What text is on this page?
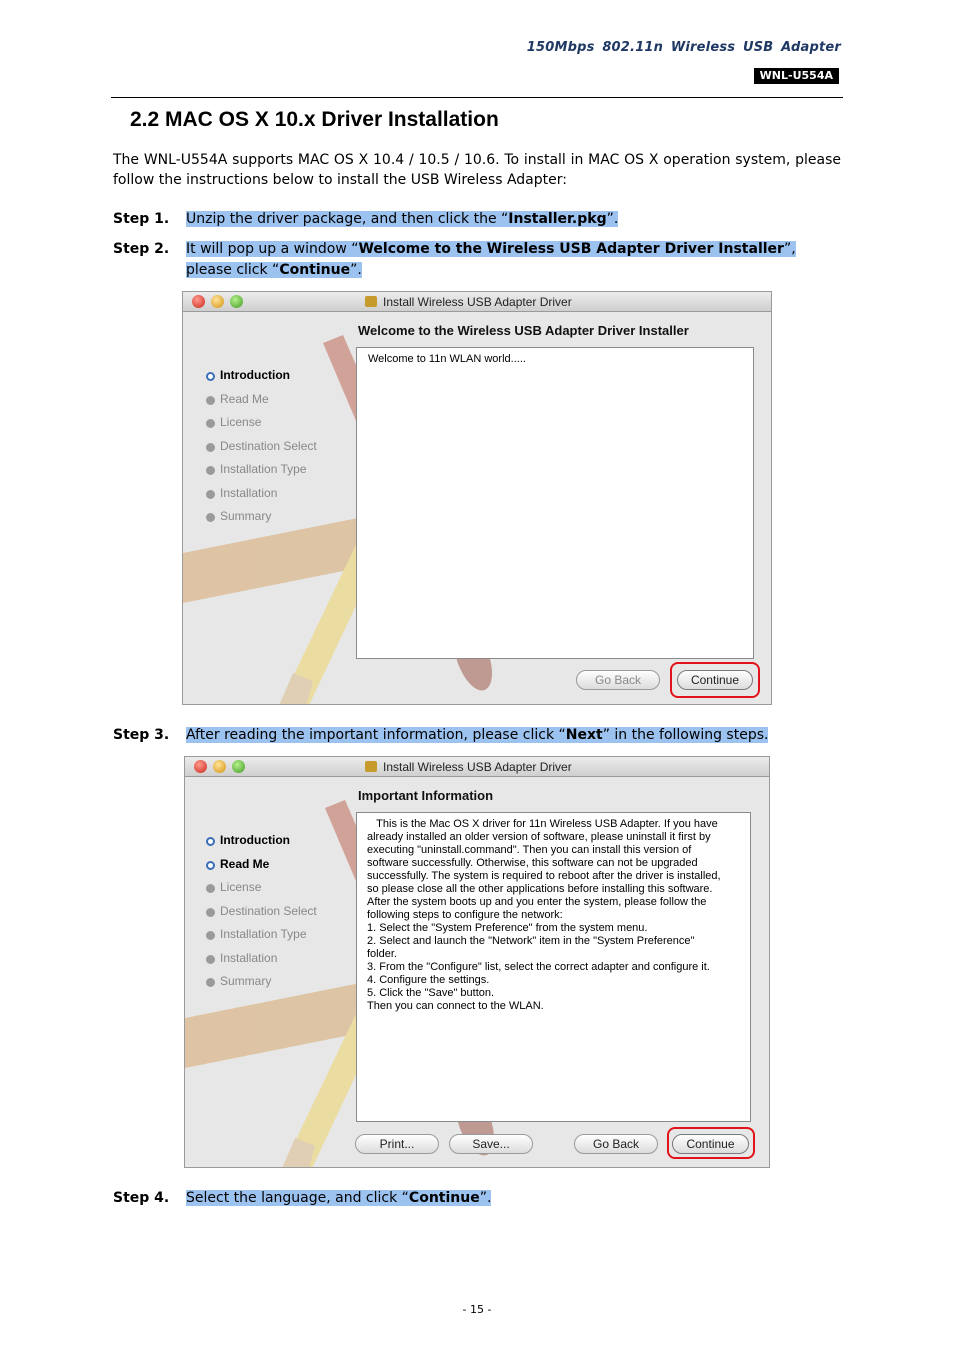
150Mbps 802.11n Wireless USB Adapter
WNL-U554A
2.2 MAC OS X 10.x Driver Installation

The WNL-U554A supports MAC OS X 10.4 / 10.5 / 10.6. To install in MAC OS X operation system, please follow the instructions below to install the USB Wireless Adapter:

Step 1. Unzip the driver package, and then click the “Installer.pkg”.
Step 2. It will pop up a window “Welcome to the Wireless USB Adapter Driver Installer”, please click “Continue”.
Install Wireless USB Adapter Driver
Welcome to the Wireless USB Adapter Driver Installer
Introduction
Read Me
License
Destination Select
Installation Type
Installation
Summary
Welcome to 11n WLAN world.....
Go Back	Continue
Step 3. After reading the important information, please click “Next” in the following steps.
Install Wireless USB Adapter Driver
Important Information
Introduction
Read Me
License
Destination Select
Installation Type
Installation
Summary
This is the Mac OS X driver for 11n Wireless USB Adapter. If you have
already installed an older version of software, please uninstall it first by
executing "uninstall.command". Then you can install this version of
software successfully. Otherwise, this software can not be upgraded
successfully. The system is required to reboot after the driver is installed,
so please close all the other applications before installing this software.
After the system boots up and you enter the system, please follow the
following steps to configure the network:
1. Select the "System Preference" from the system menu.
2. Select and launch the "Network" item in the "System Preference"
folder.
3. From the "Configure" list, select the correct adapter and configure it.
4. Configure the settings.
5. Click the "Save" button.
Then you can connect to the WLAN.
Print...	Save...	Go Back	Continue
Step 4. Select the language, and click “Continue”.
- 15 -
